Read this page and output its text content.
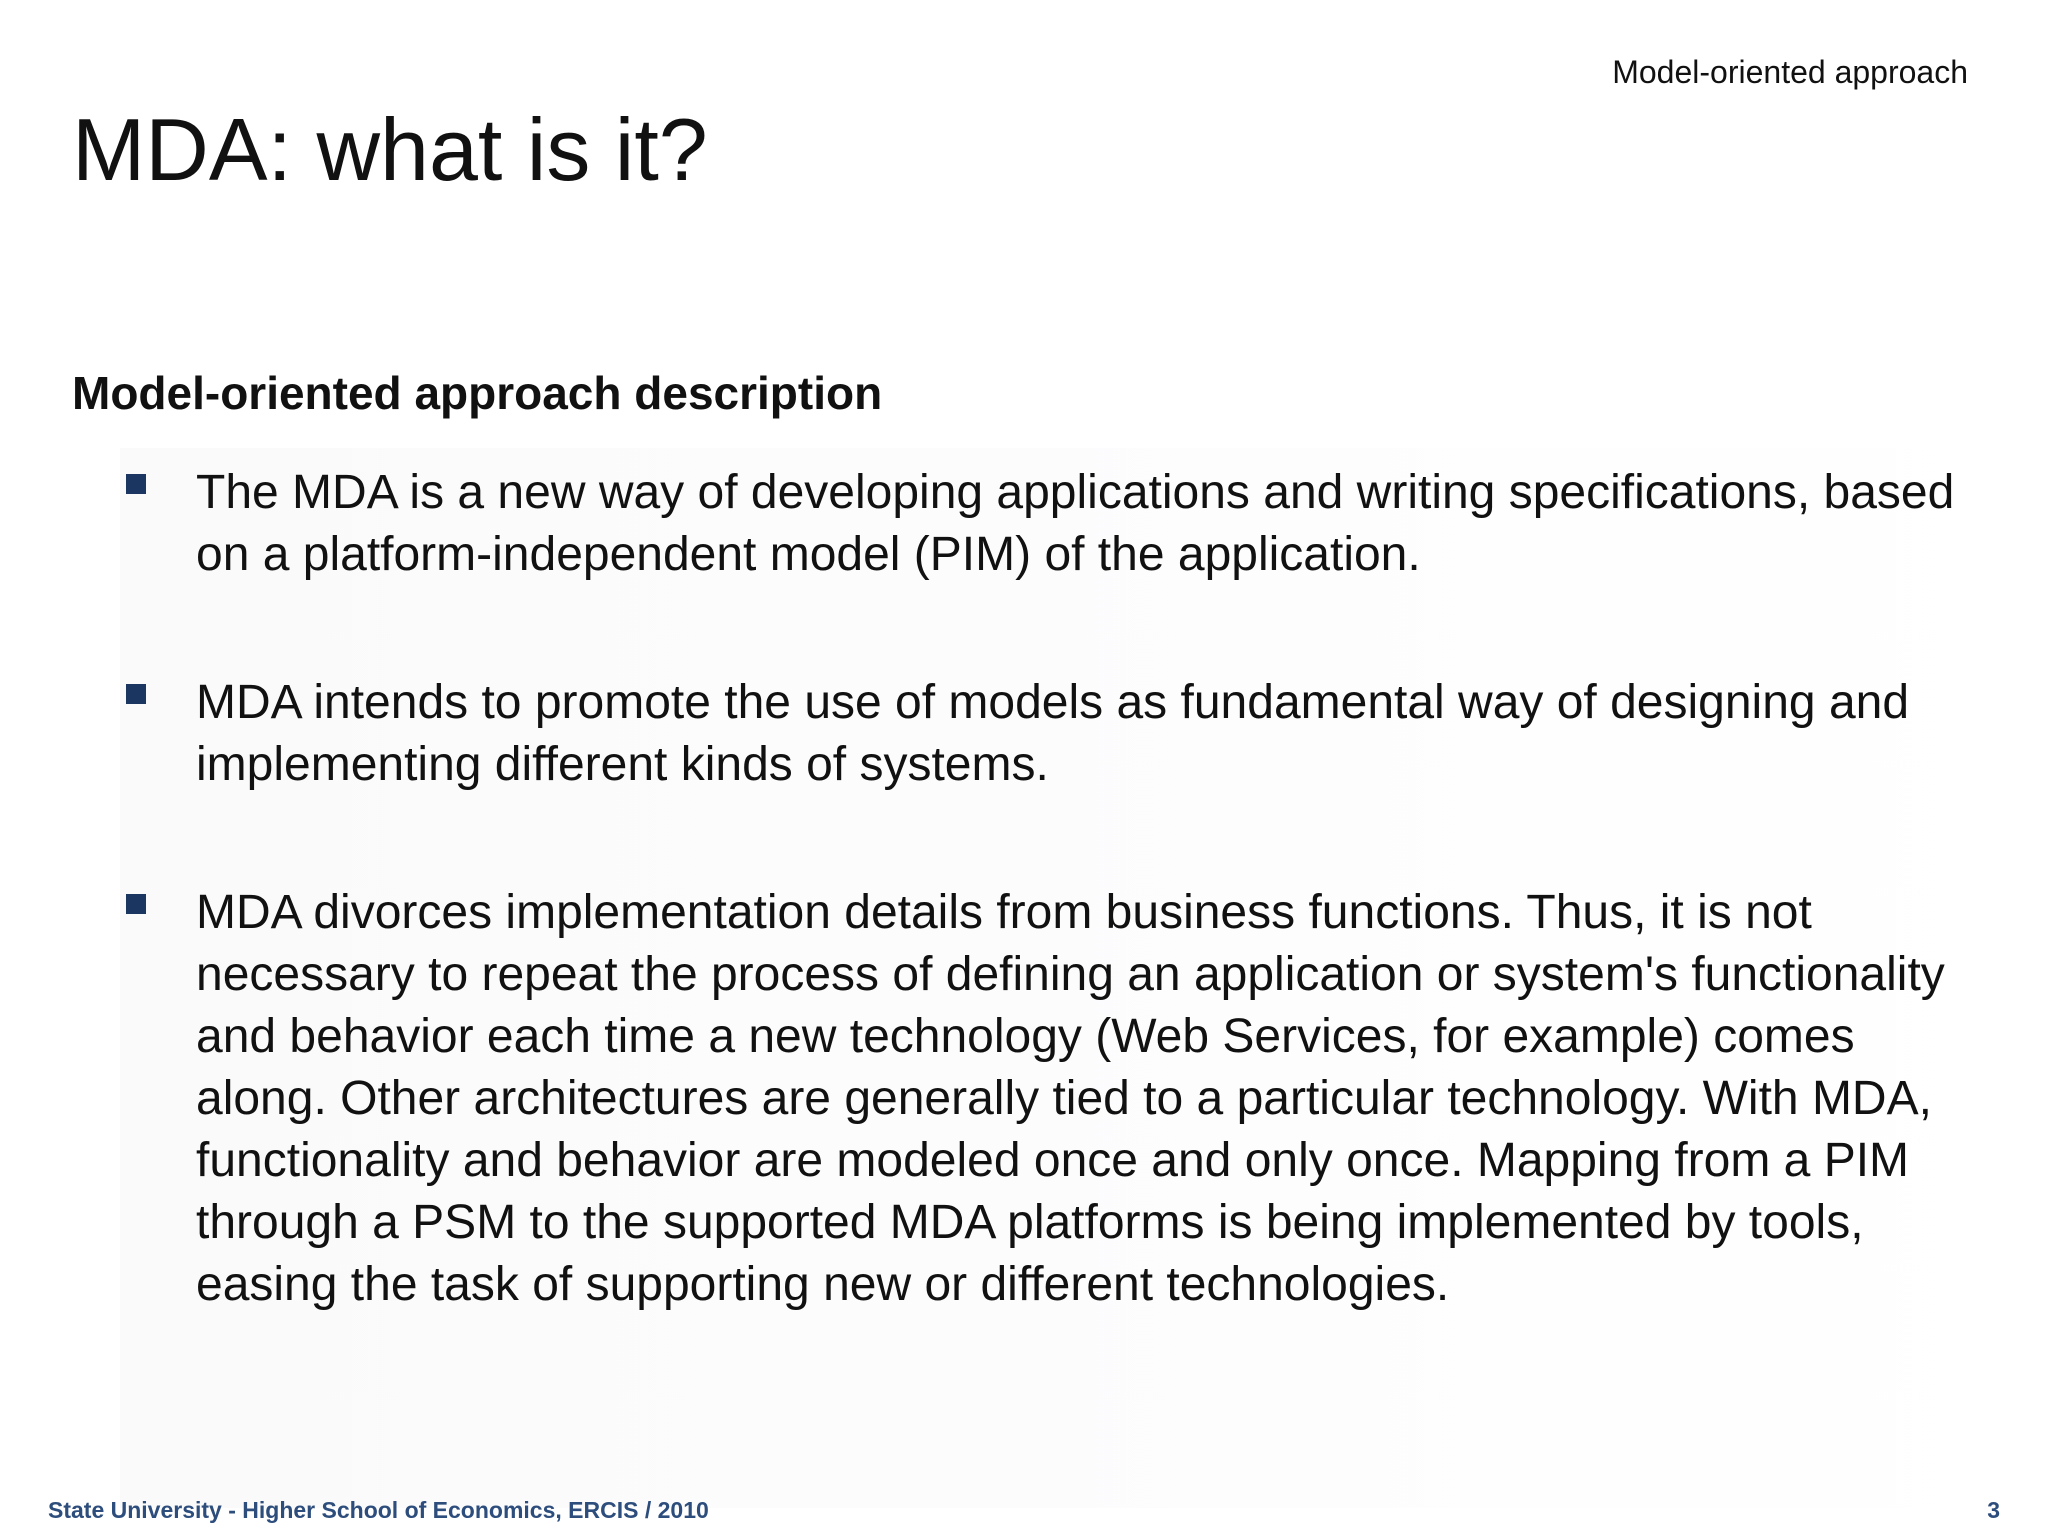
Model-oriented approach
MDA: what is it?
Model-oriented approach description
The MDA is a new way of developing applications and writing specifications, based on a platform-independent model (PIM) of the application.
MDA intends to promote the use of models as fundamental way of designing and implementing different kinds of systems.
MDA divorces implementation details from business functions. Thus, it is not necessary to repeat the process of defining an application or system's functionality and behavior each time a new technology (Web Services, for example) comes along. Other architectures are generally tied to a particular technology. With MDA, functionality and behavior are modeled once and only once. Mapping from a PIM through a PSM to the supported MDA platforms is being implemented by tools, easing the task of supporting new or different technologies.
State University - Higher School of Economics, ERCIS / 2010	3
